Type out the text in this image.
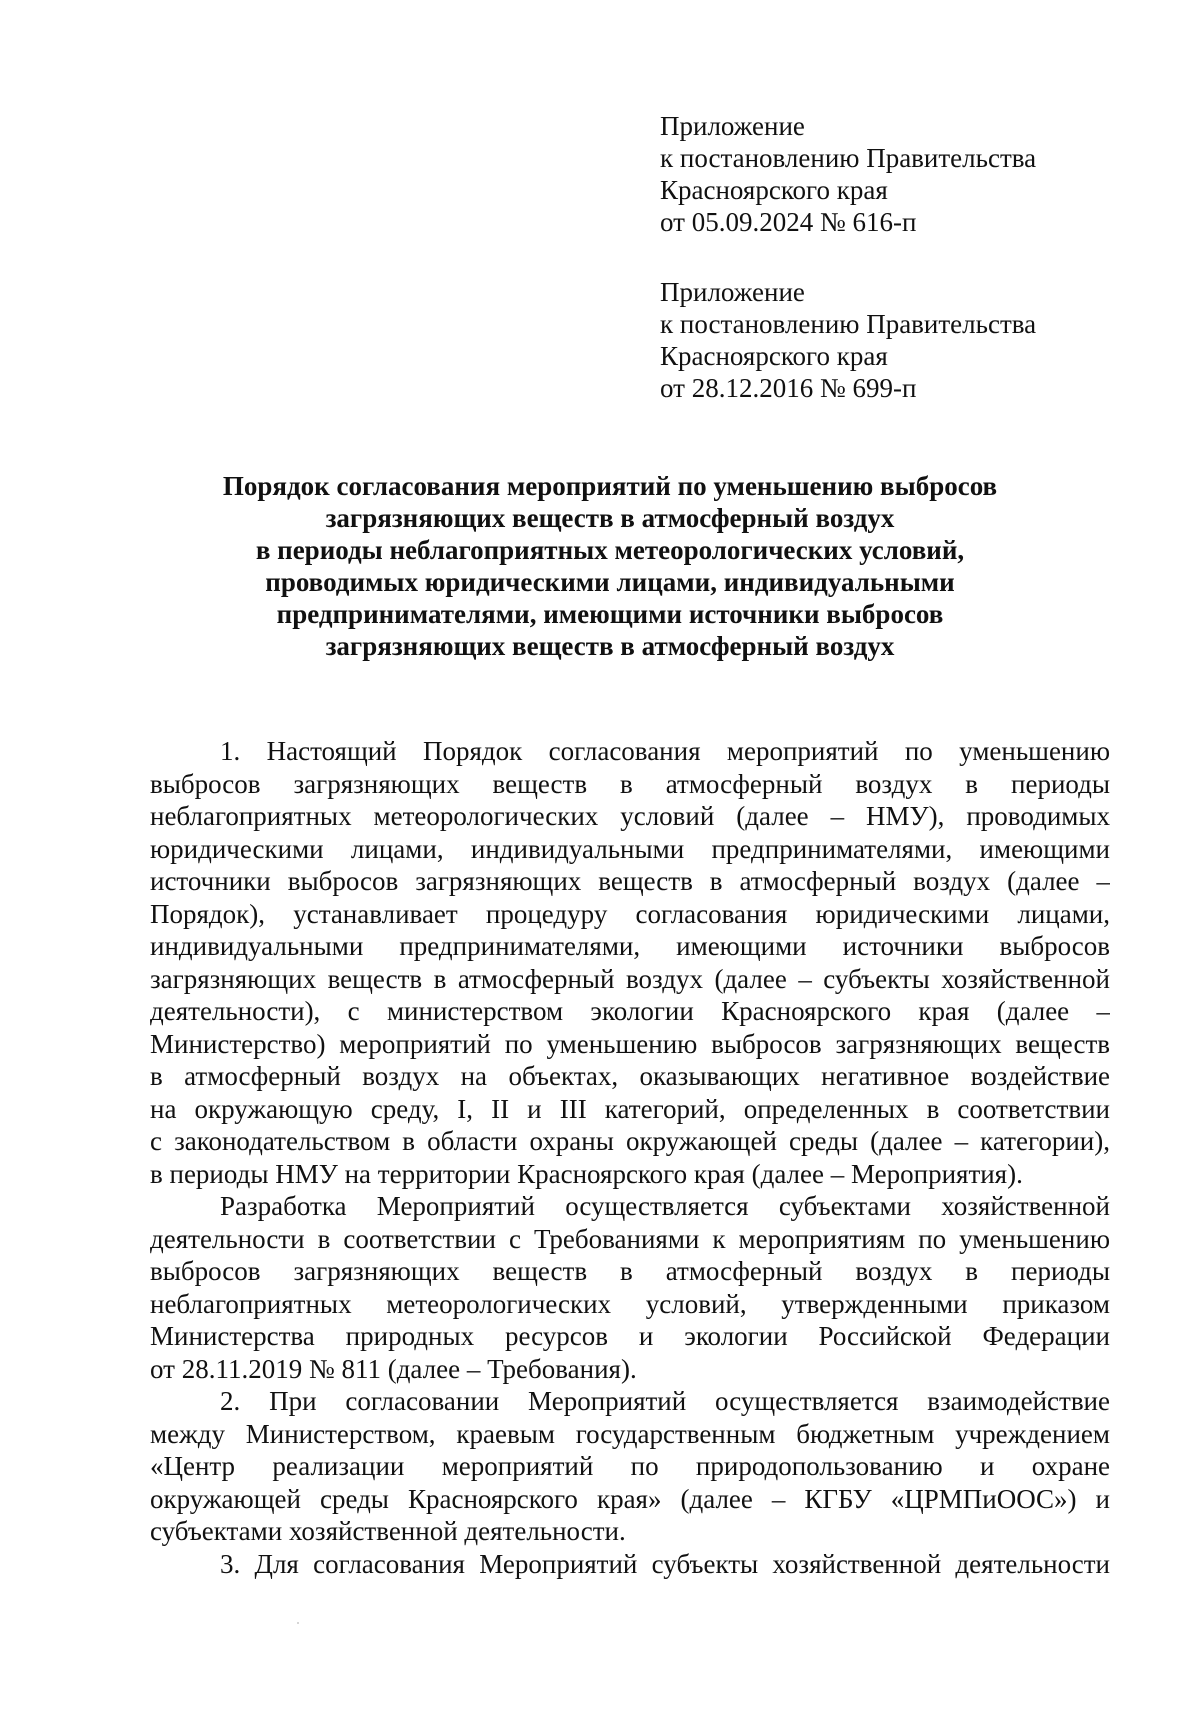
Приложение
к постановлению Правительства
Красноярского края
от 05.09.2024 № 616-п
Приложение
к постановлению Правительства
Красноярского края
от 28.12.2016 № 699-п
Порядок согласования мероприятий по уменьшению выбросов
загрязняющих веществ в атмосферный воздух
в периоды неблагоприятных метеорологических условий,
проводимых юридическими лицами, индивидуальными
предпринимателями, имеющими источники выбросов
загрязняющих веществ в атмосферный воздух
1. Настоящий Порядок согласования мероприятий по уменьшению
выбросов загрязняющих веществ в атмосферный воздух в периоды
неблагоприятных метеорологических условий (далее – НМУ), проводимых
юридическими лицами, индивидуальными предпринимателями, имеющими
источники выбросов загрязняющих веществ в атмосферный воздух (далее –
Порядок), устанавливает процедуру согласования юридическими лицами,
индивидуальными предпринимателями, имеющими источники выбросов
загрязняющих веществ в атмосферный воздух (далее – субъекты хозяйственной
деятельности), с министерством экологии Красноярского края (далее –
Министерство) мероприятий по уменьшению выбросов загрязняющих веществ
в атмосферный воздух на объектах, оказывающих негативное воздействие
на окружающую среду, I, II и III категорий, определенных в соответствии
с законодательством в области охраны окружающей среды (далее – категории),
в периоды НМУ на территории Красноярского края (далее – Мероприятия).
Разработка Мероприятий осуществляется субъектами хозяйственной
деятельности в соответствии с Требованиями к мероприятиям по уменьшению
выбросов загрязняющих веществ в атмосферный воздух в периоды
неблагоприятных метеорологических условий, утвержденными приказом
Министерства природных ресурсов и экологии Российской Федерации
от 28.11.2019 № 811 (далее – Требования).
2. При согласовании Мероприятий осуществляется взаимодействие
между Министерством, краевым государственным бюджетным учреждением
«Центр реализации мероприятий по природопользованию и охране
окружающей среды Красноярского края» (далее – КГБУ «ЦРМПиООС») и
субъектами хозяйственной деятельности.
3. Для согласования Мероприятий субъекты хозяйственной деятельности
